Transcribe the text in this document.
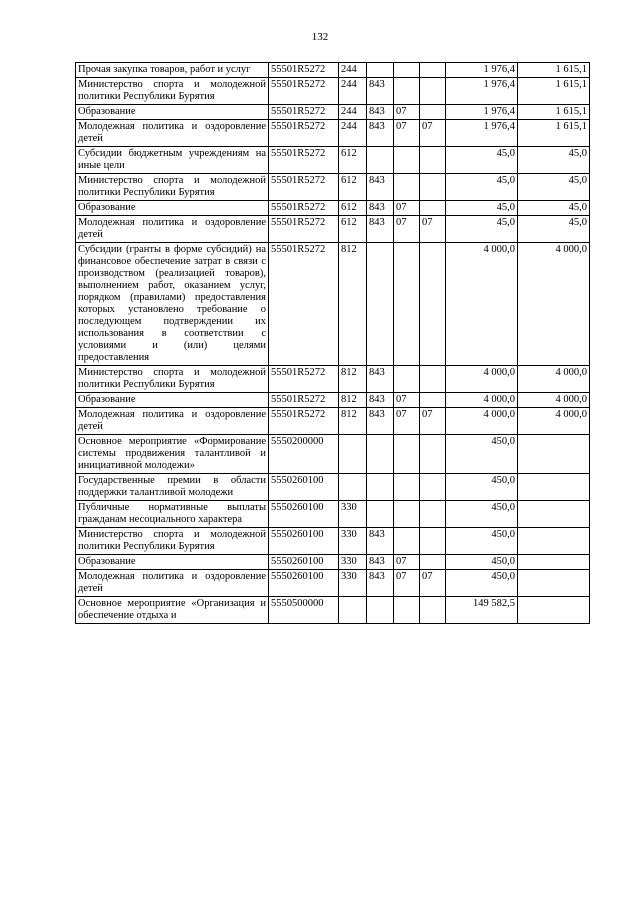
132
Прочая закупка товаров, работ и услуг	55501R5272	244				1 976,4	1 615,1
Министерство спорта и молодежной политики Республики Бурятия	55501R5272	244	843			1 976,4	1 615,1
Образование	55501R5272	244	843	07		1 976,4	1 615,1
Молодежная политика и оздоровление детей	55501R5272	244	843	07	07	1 976,4	1 615,1
Субсидии бюджетным учреждениям на иные цели	55501R5272	612				45,0	45,0
Министерство спорта и молодежной политики Республики Бурятия	55501R5272	612	843			45,0	45,0
Образование	55501R5272	612	843	07		45,0	45,0
Молодежная политика и оздоровление детей	55501R5272	612	843	07	07	45,0	45,0
Субсидии (гранты в форме субсидий) на финансовое обеспечение затрат в связи с производством (реализацией товаров), выполнением работ, оказанием услуг, порядком (правилами) предоставления которых установлено требование о последующем подтверждении их использования в соответствии с условиями и (или) целями предоставления	55501R5272	812				4 000,0	4 000,0
Министерство спорта и молодежной политики Республики Бурятия	55501R5272	812	843			4 000,0	4 000,0
Образование	55501R5272	812	843	07		4 000,0	4 000,0
Молодежная политика и оздоровление детей	55501R5272	812	843	07	07	4 000,0	4 000,0
Основное мероприятие «Формирование системы продвижения талантливой и инициативной молодежи»	5550200000					450,0	
Государственные премии в области поддержки талантливой молодежи	5550260100					450,0	
Публичные нормативные выплаты гражданам несоциального характера	5550260100	330				450,0	
Министерство спорта и молодежной политики Республики Бурятия	5550260100	330	843			450,0	
Образование	5550260100	330	843	07		450,0	
Молодежная политика и оздоровление детей	5550260100	330	843	07	07	450,0	
Основное мероприятие «Организация и обеспечение отдыха и	5550500000					149 582,5	
